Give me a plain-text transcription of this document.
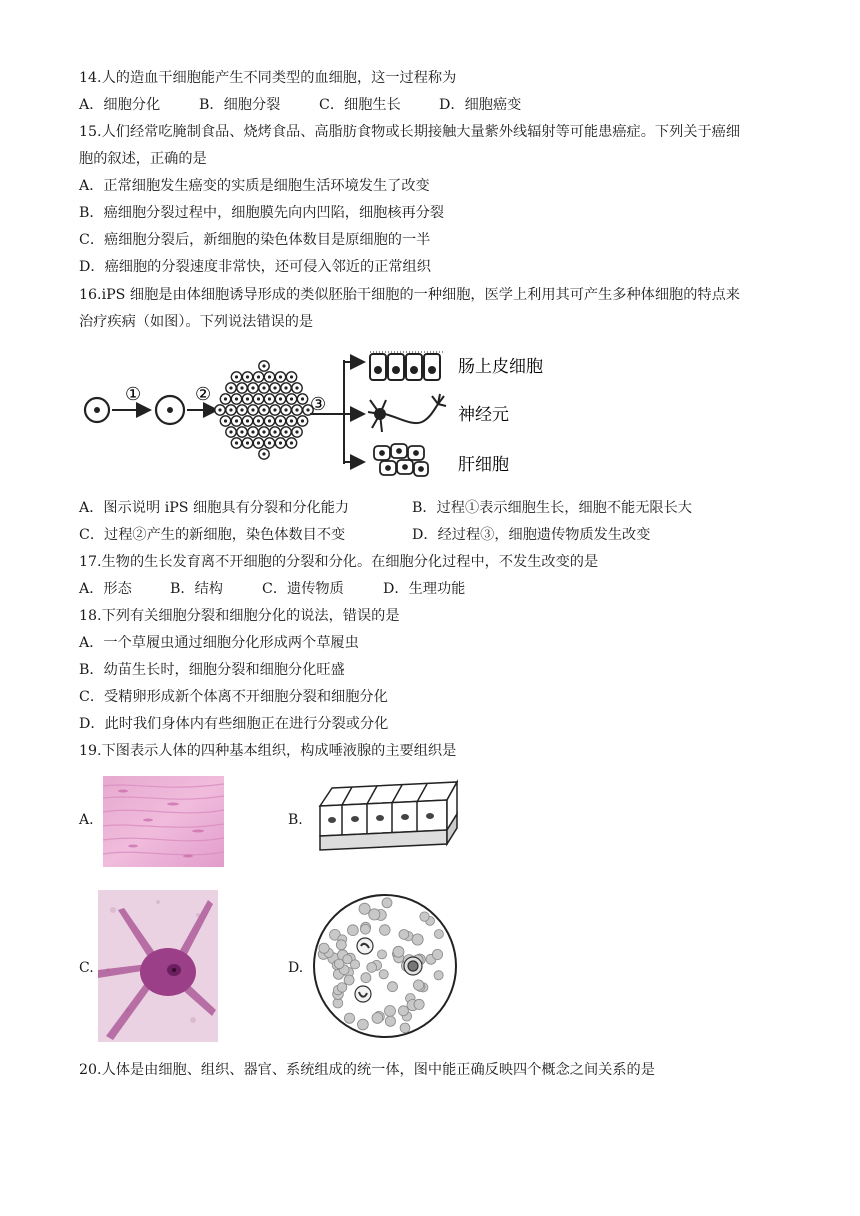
14.人的造血干细胞能产生不同类型的血细胞，这一过程称为
A．细胞分化	B．细胞分裂	C．细胞生长	D．细胞癌变
15.人们经常吃腌制食品、烧烤食品、高脂肪食物或长期接触大量紫外线辐射等可能患癌症。下列关于癌细
胞的叙述，正确的是
A．正常细胞发生癌变的实质是细胞生活环境发生了改变
B．癌细胞分裂过程中，细胞膜先向内凹陷，细胞核再分裂
C．癌细胞分裂后，新细胞的染色体数目是原细胞的一半
D．癌细胞的分裂速度非常快，还可侵入邻近的正常组织
16.iPS 细胞是由体细胞诱导形成的类似胚胎干细胞的一种细胞，医学上利用其可产生多种体细胞的特点来
治疗疾病（如图）。下列说法错误的是
①	②	③
肠上皮细胞
神经元
肝细胞
A．图示说明 iPS 细胞具有分裂和分化能力	B．过程①表示细胞生长，细胞不能无限长大
C．过程②产生的新细胞，染色体数目不变	D．经过程③，细胞遗传物质发生改变
17.生物的生长发育离不开细胞的分裂和分化。在细胞分化过程中，不发生改变的是
A．形态	B．结构	C．遗传物质	D．生理功能
18.下列有关细胞分裂和细胞分化的说法，错误的是
A．一个草履虫通过细胞分化形成两个草履虫
B．幼苗生长时，细胞分裂和细胞分化旺盛
C．受精卵形成新个体离不开细胞分裂和细胞分化
D．此时我们身体内有些细胞正在进行分裂或分化
19.下图表示人体的四种基本组织，构成唾液腺的主要组织是
A.	B.
C.	D.
20.人体是由细胞、组织、器官、系统组成的统一体，图中能正确反映四个概念之间关系的是
